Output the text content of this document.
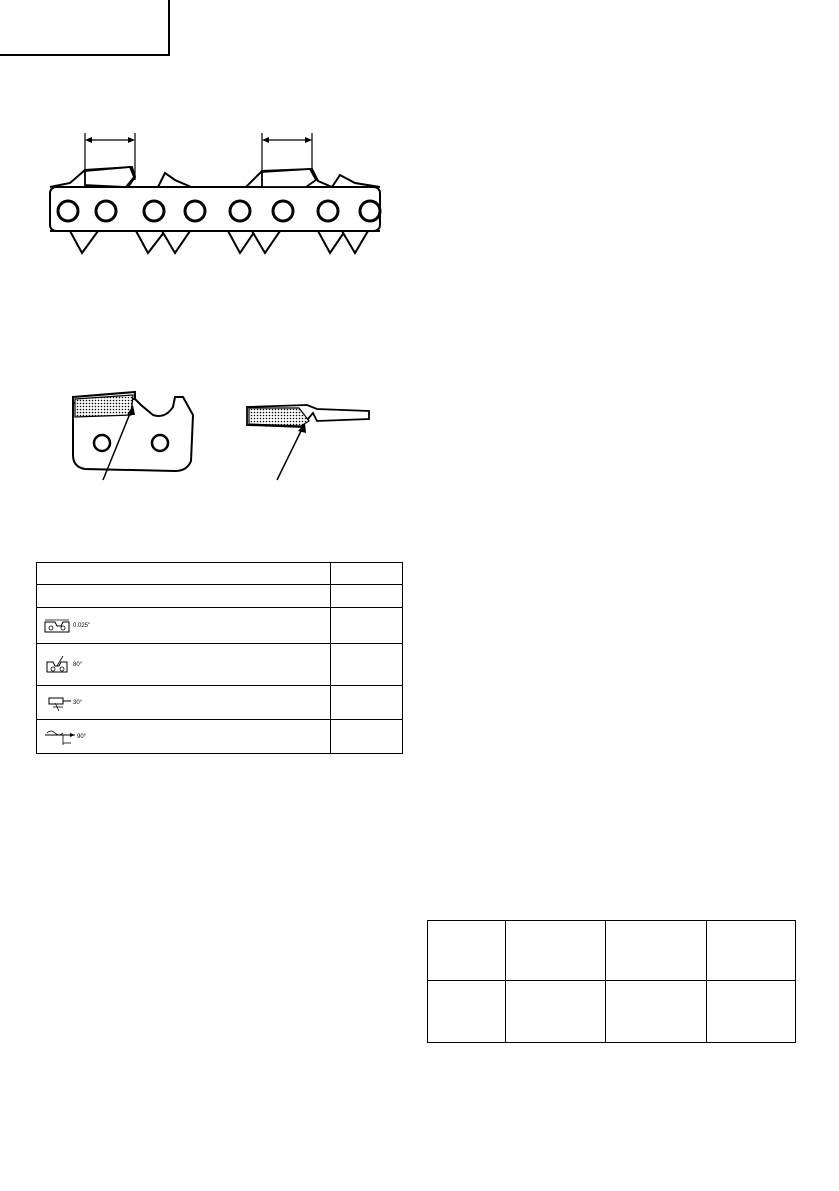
0.025"	

80°	

30°	

90°	
